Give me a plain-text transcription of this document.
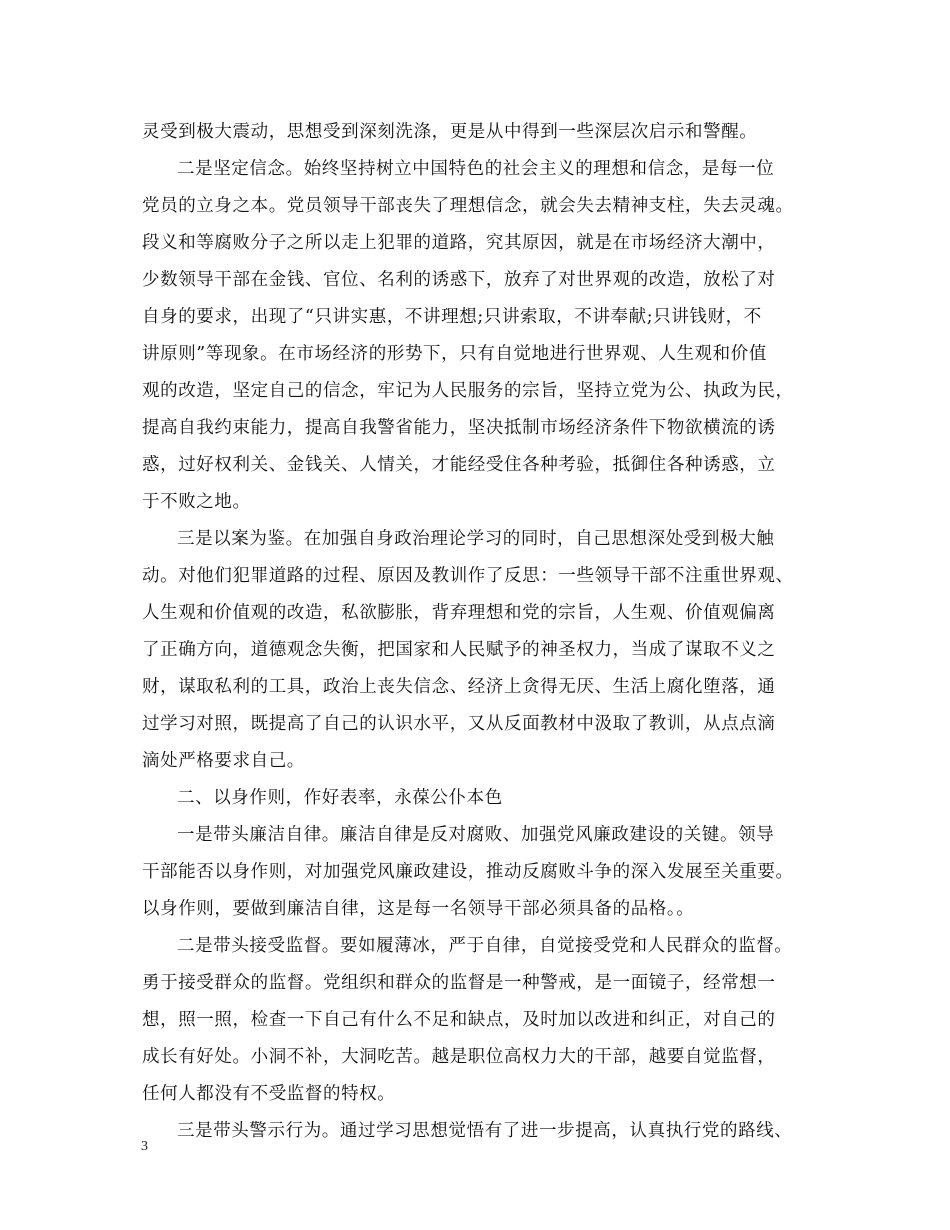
灵受到极大震动，思想受到深刻洗涤，更是从中得到一些深层次启示和警醒。
二是坚定信念。始终坚持树立中国特色的社会主义的理想和信念，是每一位
党员的立身之本。党员领导干部丧失了理想信念，就会失去精神支柱，失去灵魂。
段义和等腐败分子之所以走上犯罪的道路，究其原因，就是在市场经济大潮中，
少数领导干部在金钱、官位、名利的诱惑下，放弃了对世界观的改造，放松了对
自身的要求，出现了“只讲实惠，不讲理想;只讲索取，不讲奉献;只讲钱财，不
讲原则”等现象。在市场经济的形势下，只有自觉地进行世界观、人生观和价值
观的改造，坚定自己的信念，牢记为人民服务的宗旨，坚持立党为公、执政为民，
提高自我约束能力，提高自我警省能力，坚决抵制市场经济条件下物欲横流的诱
惑，过好权利关、金钱关、人情关，才能经受住各种考验，抵御住各种诱惑，立
于不败之地。
三是以案为鉴。在加强自身政治理论学习的同时，自己思想深处受到极大触
动。对他们犯罪道路的过程、原因及教训作了反思：一些领导干部不注重世界观、
人生观和价值观的改造，私欲膨胀，背弃理想和党的宗旨，人生观、价值观偏离
了正确方向，道德观念失衡，把国家和人民赋予的神圣权力，当成了谋取不义之
财，谋取私利的工具，政治上丧失信念、经济上贪得无厌、生活上腐化堕落，通
过学习对照，既提高了自己的认识水平，又从反面教材中汲取了教训，从点点滴
滴处严格要求自己。
二、以身作则，作好表率，永葆公仆本色
一是带头廉洁自律。廉洁自律是反对腐败、加强党风廉政建设的关键。领导
干部能否以身作则，对加强党风廉政建设，推动反腐败斗争的深入发展至关重要。
以身作则，要做到廉洁自律，这是每一名领导干部必须具备的品格。。
二是带头接受监督。要如履薄冰，严于自律，自觉接受党和人民群众的监督。
勇于接受群众的监督。党组织和群众的监督是一种警戒，是一面镜子，经常想一
想，照一照，检查一下自己有什么不足和缺点，及时加以改进和纠正，对自己的
成长有好处。小洞不补，大洞吃苦。越是职位高权力大的干部，越要自觉监督，
任何人都没有不受监督的特权。
三是带头警示行为。通过学习思想觉悟有了进一步提高，认真执行党的路线、
3
